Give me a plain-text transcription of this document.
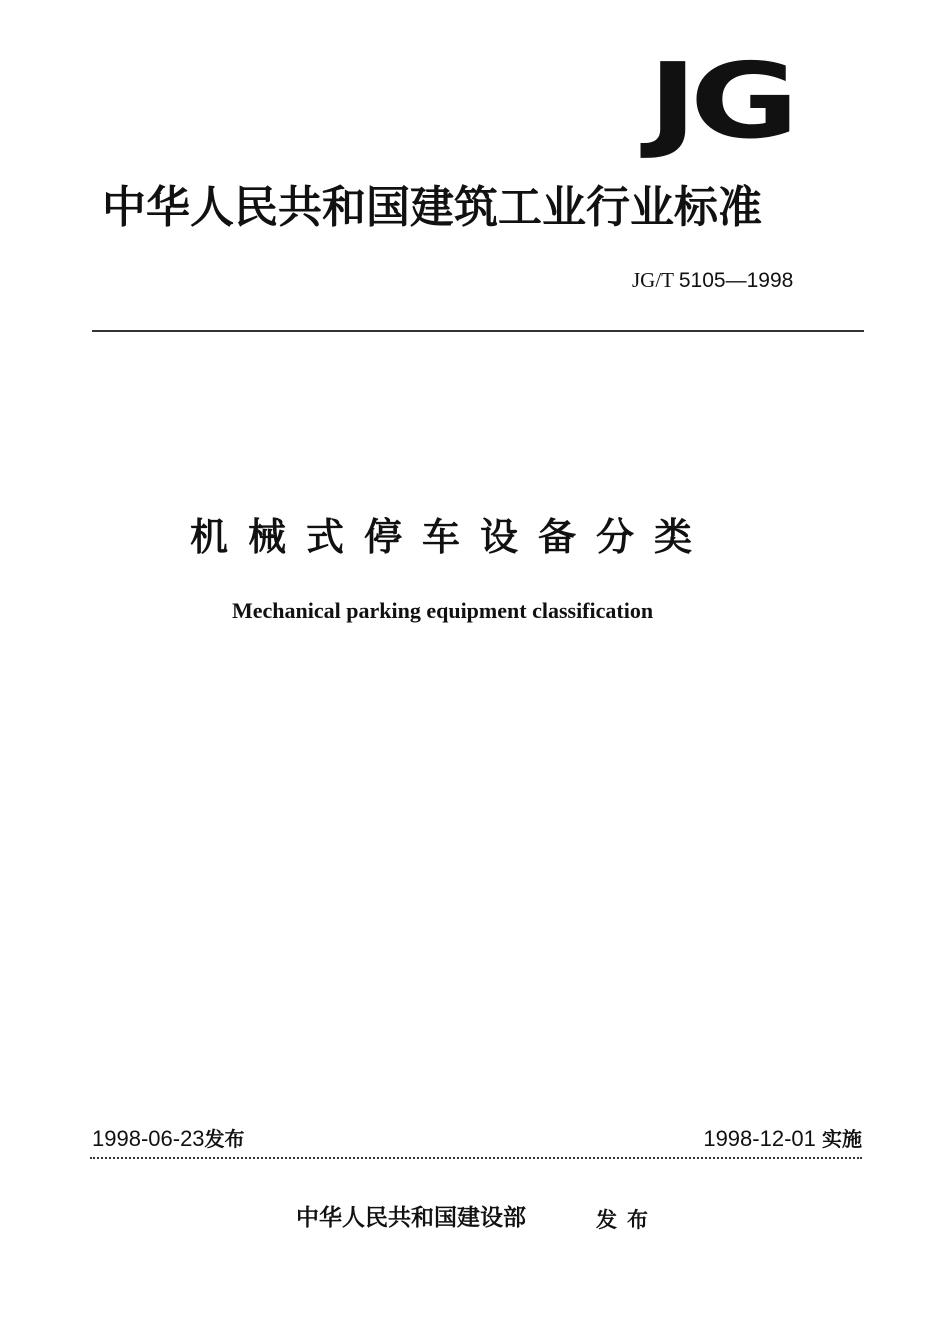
JG
中华人民共和国建筑工业行业标准
JG/T 5105—1998
机械式停车设备分类
Mechanical parking equipment classification
1998-06-23发布	1998-12-01 实施
中华人民共和国建设部	发布
